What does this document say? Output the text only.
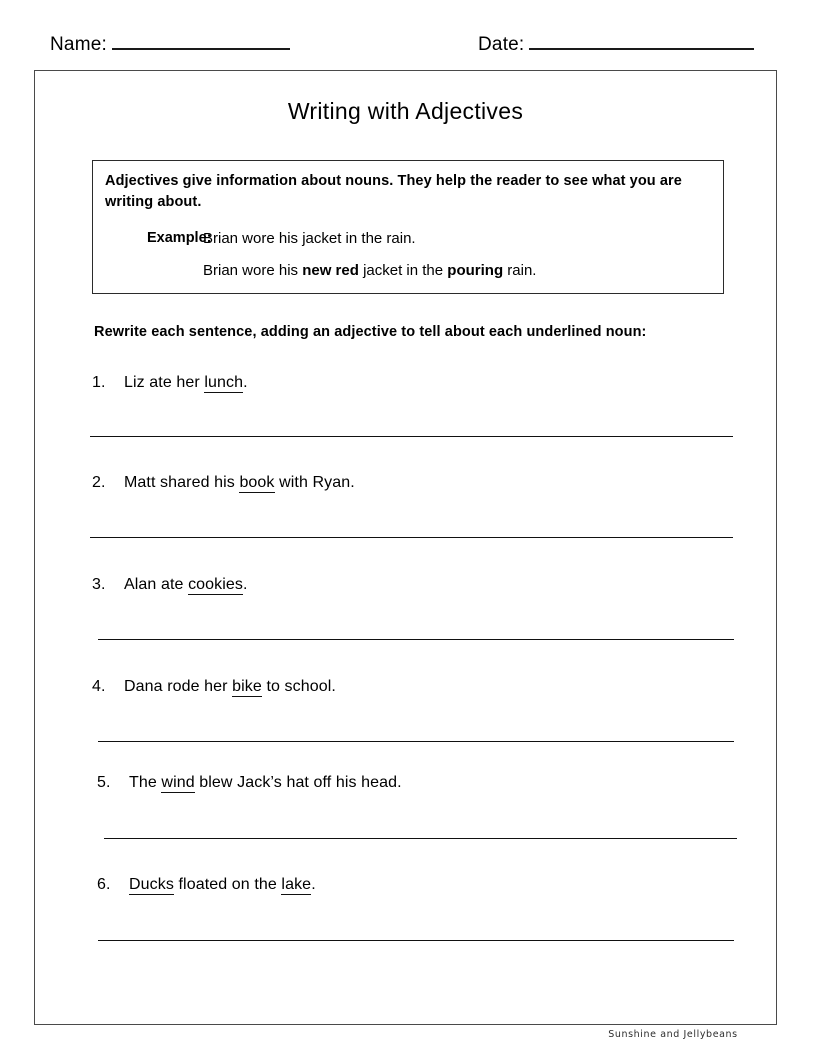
Name:	Date:
Writing with Adjectives
Adjectives give information about nouns. They help the reader to see what you are writing about.
Example:
Brian wore his jacket in the rain.
Brian wore his new red jacket in the pouring rain.
Rewrite each sentence, adding an adjective to tell about each underlined noun:
1.	Liz ate her lunch.
2.	Matt shared his book with Ryan.
3.	Alan ate cookies.
4.	Dana rode her bike to school.
5.	The wind blew Jack’s hat off his head.
6.	Ducks floated on the lake.
Sunshine and Jellybeans
